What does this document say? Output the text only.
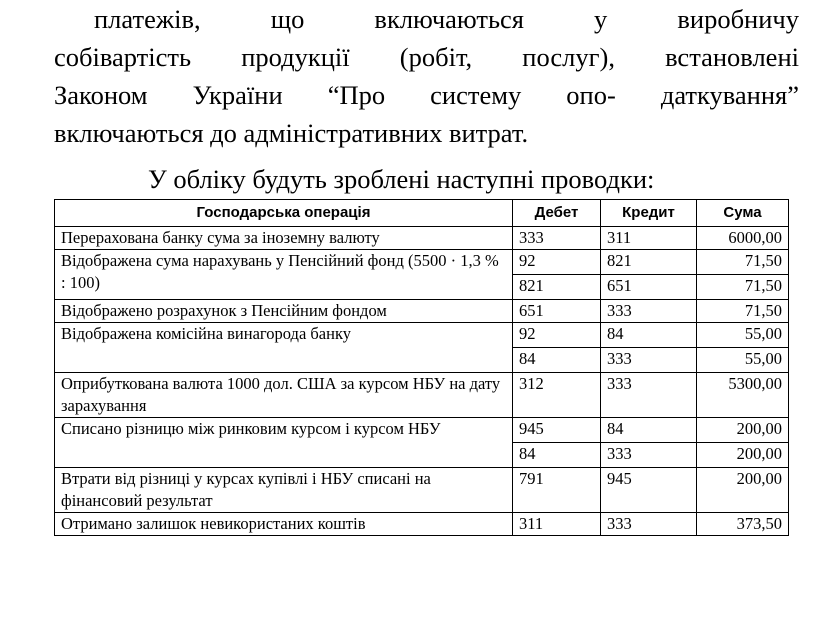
платежів, що включаються у виробничу
собівартість продукції (робіт, послуг), встановлені
Законом України “Про систему опо- даткування”
включаються до адміністративних витрат.
У обліку будуть зроблені наступні проводки:
Господарська операція	Дебет	Кредит	Сума
Перерахована банку сума за іноземну валюту	333	311	6000,00
Відображена сума нарахувань у Пенсійний фонд (5500 · 1,3 % : 100)	92	821	71,50
	821	651	71,50
Відображено розрахунок з Пенсійним фондом	651	333	71,50
Відображена комісійна винагорода банку	92	84	55,00
	84	333	55,00
Оприбуткована валюта 1000 дол. США за курсом НБУ на дату зарахування	312	333	5300,00
Списано різницю між ринковим курсом і курсом НБУ	945	84	200,00
	84	333	200,00
Втрати від різниці у курсах купівлі і НБУ списані на фінансовий результат	791	945	200,00
Отримано залишок невикористаних коштів	311	333	373,50
